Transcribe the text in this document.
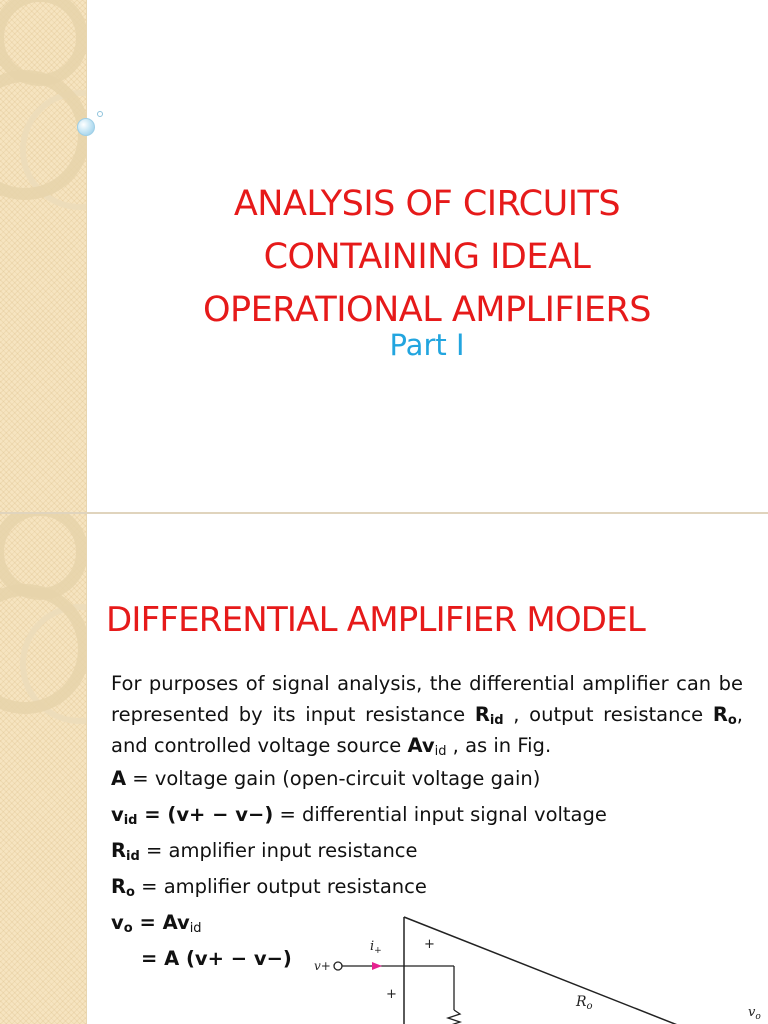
ANALYSIS OF CIRCUITS
CONTAINING IDEAL
OPERATIONAL AMPLIFIERS
Part I
DIFFERENTIAL AMPLIFIER MODEL
For purposes of signal analysis, the differential amplifier can be represented by its input resistance $R_{id}$ , output resistance $R_o$, and controlled voltage source $Av_{id}$ , as in Fig.
A = voltage gain (open-circuit voltage gain)
$v_{id} = (v+ - v-)$ = differential input signal voltage
$R_{id}$ = amplifier input resistance
$R_o$ = amplifier output resistance
$v_o = Av_{id}$
= A (v+ − v−)	v+
$i_+$	+
+	$R_o$	$v_o$
